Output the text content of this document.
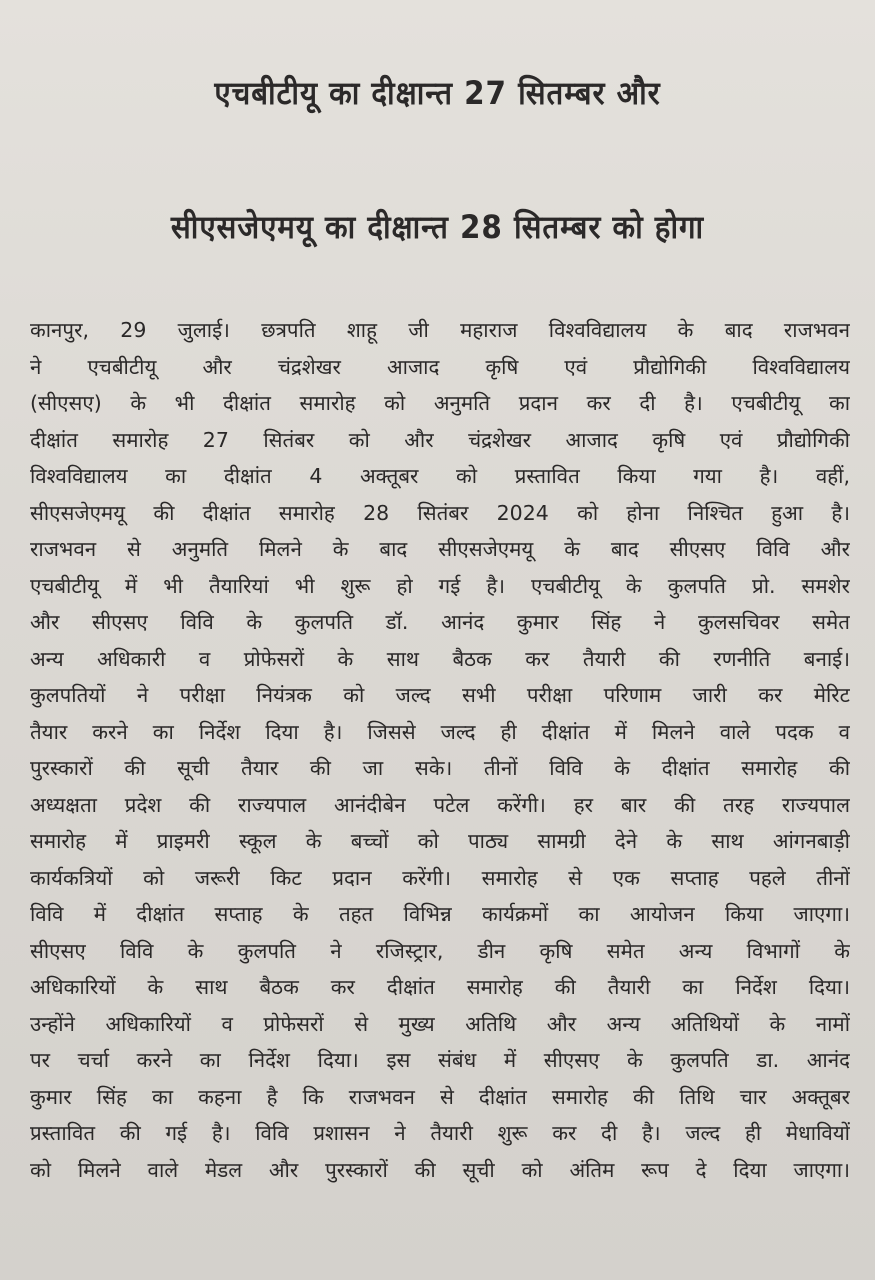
एचबीटीयू का दीक्षान्त 27 सितम्बर और
सीएसजेएमयू का दीक्षान्त 28 सितम्बर को होगा
कानपुर, 29 जुलाई। छत्रपति शाहू जी महाराज विश्वविद्यालय के बाद राजभवन
ने एचबीटीयू और चंद्रशेखर आजाद कृषि एवं प्रौद्योगिकी विश्वविद्यालय
(सीएसए) के भी दीक्षांत समारोह को अनुमति प्रदान कर दी है। एचबीटीयू का
दीक्षांत समारोह 27 सितंबर को और चंद्रशेखर आजाद कृषि एवं प्रौद्योगिकी
विश्वविद्यालय का दीक्षांत 4 अक्तूबर को प्रस्तावित किया गया है। वहीं,
सीएसजेएमयू की दीक्षांत समारोह 28 सितंबर 2024 को होना निश्चित हुआ है।
राजभवन से अनुमति मिलने के बाद सीएसजेएमयू के बाद सीएसए विवि और
एचबीटीयू में भी तैयारियां भी शुरू हो गई है। एचबीटीयू के कुलपति प्रो. समशेर
और सीएसए विवि के कुलपति डॉ. आनंद कुमार सिंह ने कुलसचिवर समेत
अन्य अधिकारी व प्रोफेसरों के साथ बैठक कर तैयारी की रणनीति बनाई।
कुलपतियों ने परीक्षा नियंत्रक को जल्द सभी परीक्षा परिणाम जारी कर मेरिट
तैयार करने का निर्देश दिया है। जिससे जल्द ही दीक्षांत में मिलने वाले पदक व
पुरस्कारों की सूची तैयार की जा सके। तीनों विवि के दीक्षांत समारोह की
अध्यक्षता प्रदेश की राज्यपाल आनंदीबेन पटेल करेंगी। हर बार की तरह राज्यपाल
समारोह में प्राइमरी स्कूल के बच्चों को पाठ्य सामग्री देने के साथ आंगनबाड़ी
कार्यकत्रियों को जरूरी किट प्रदान करेंगी। समारोह से एक सप्ताह पहले तीनों
विवि में दीक्षांत सप्ताह के तहत विभिन्न कार्यक्रमों का आयोजन किया जाएगा।
सीएसए विवि के कुलपति ने रजिस्ट्रार, डीन कृषि समेत अन्य विभागों के
अधिकारियों के साथ बैठक कर दीक्षांत समारोह की तैयारी का निर्देश दिया।
उन्होंने अधिकारियों व प्रोफेसरों से मुख्य अतिथि और अन्य अतिथियों के नामों
पर चर्चा करने का निर्देश दिया। इस संबंध में सीएसए के कुलपति डा. आनंद
कुमार सिंह का कहना है कि राजभवन से दीक्षांत समारोह की तिथि चार अक्तूबर
प्रस्तावित की गई है। विवि प्रशासन ने तैयारी शुरू कर दी है। जल्द ही मेधावियों
को मिलने वाले मेडल और पुरस्कारों की सूची को अंतिम रूप दे दिया जाएगा।
